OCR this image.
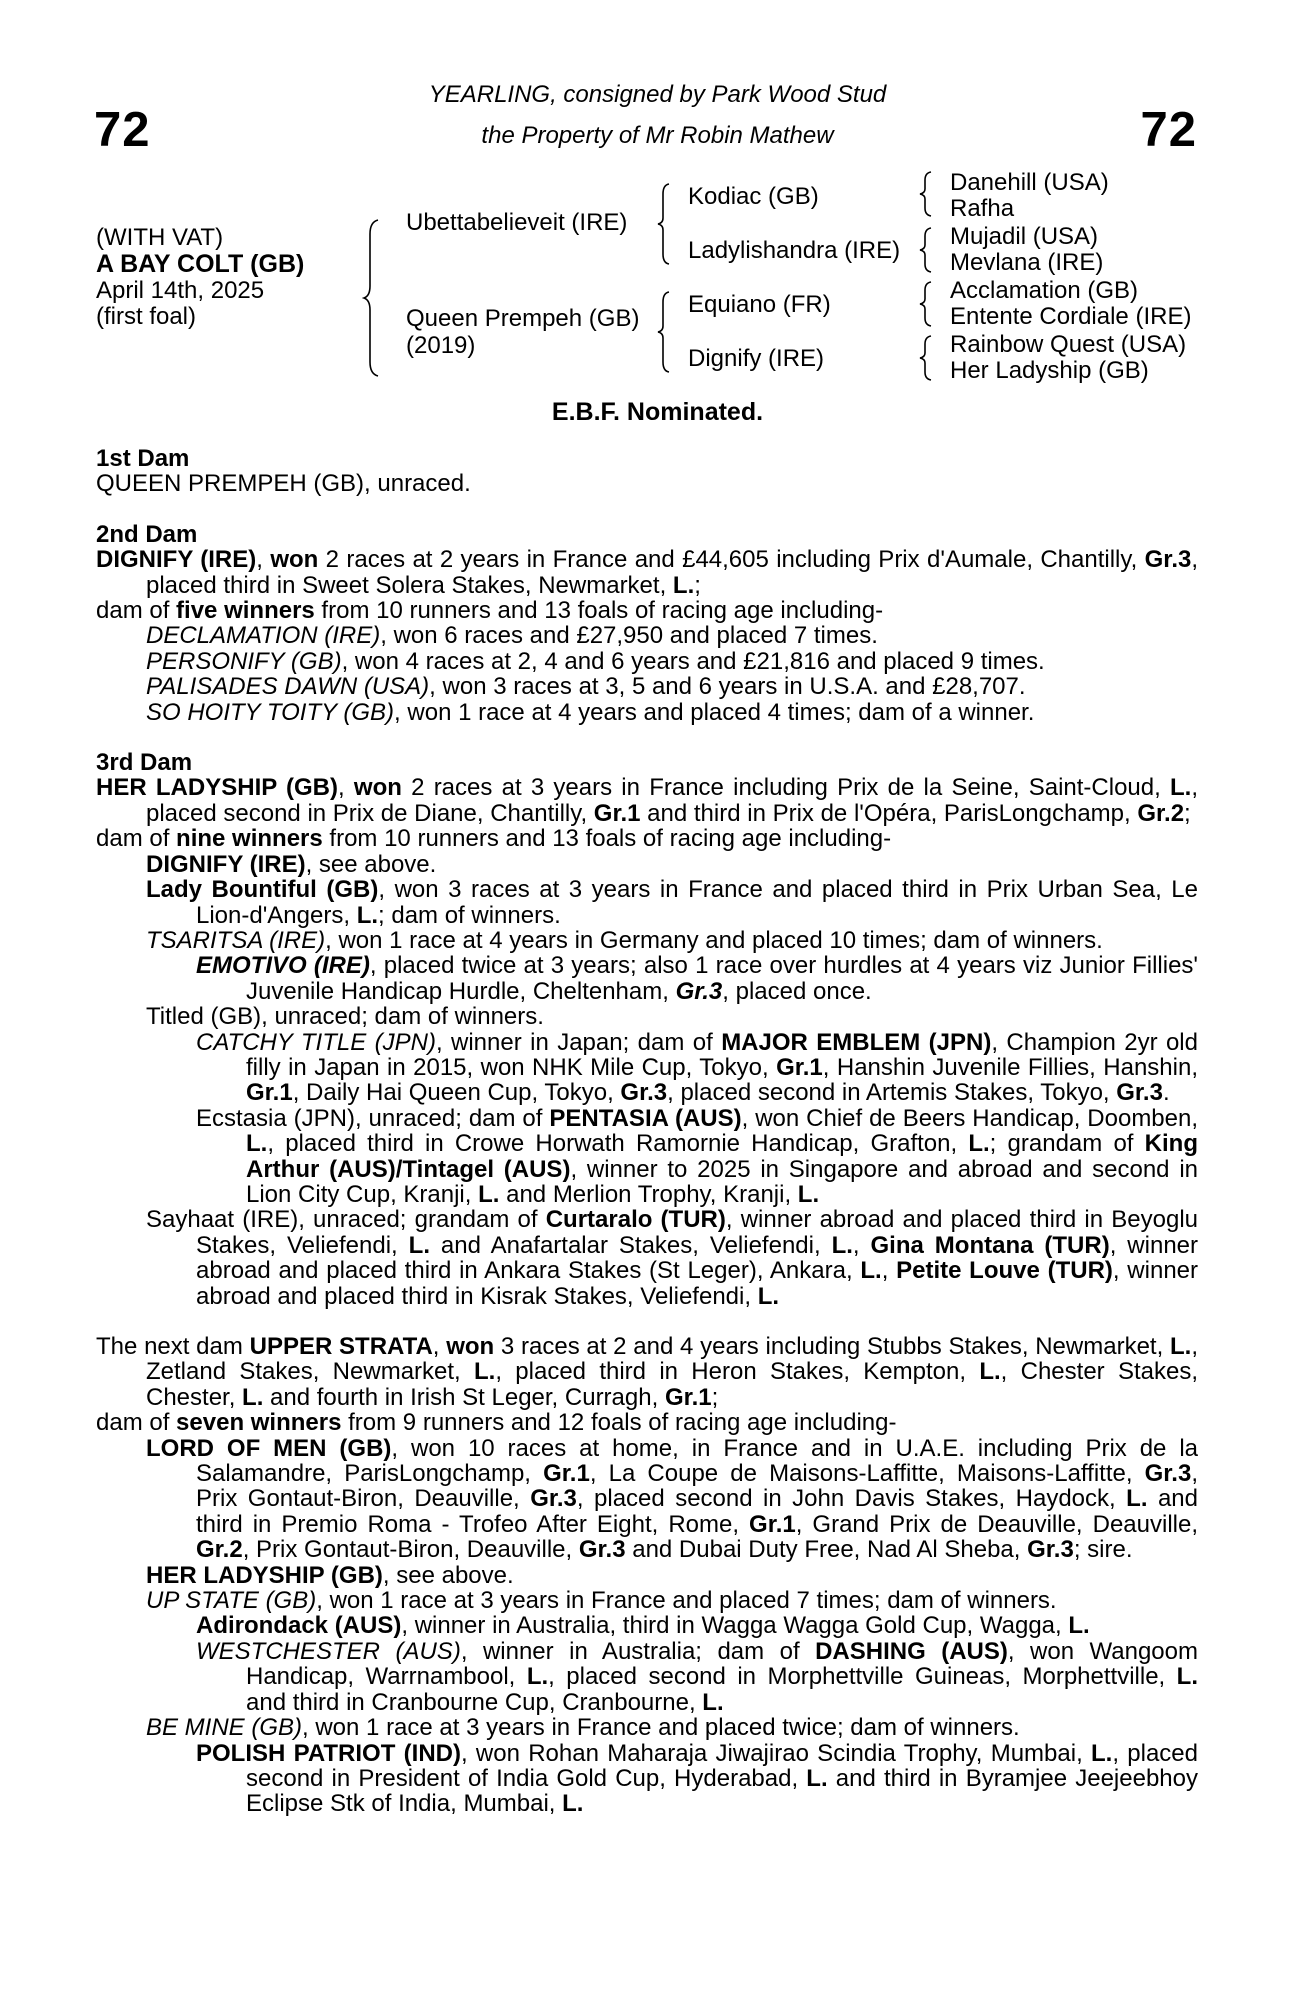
72	72
YEARLING, consigned by Park Wood Stud
the Property of Mr Robin Mathew
(WITH VAT)
A BAY COLT (GB)
April 14th, 2025
(first foal)
Ubettabelieveit (IRE)
Queen Prempeh (GB)
(2019)
Kodiac (GB)
Ladylishandra (IRE)
Equiano (FR)
Dignify (IRE)
Danehill (USA)
Rafha
Mujadil (USA)
Mevlana (IRE)
Acclamation (GB)
Entente Cordiale (IRE)
Rainbow Quest (USA)
Her Ladyship (GB)
E.B.F. Nominated.
1st Dam
QUEEN PREMPEH (GB), unraced.
2nd Dam
DIGNIFY (IRE), won 2 races at 2 years in France and £44,605 including Prix d'Aumale, Chantilly, Gr.3, placed third in Sweet Solera Stakes, Newmarket, L.;
dam of five winners from 10 runners and 13 foals of racing age including-
DECLAMATION (IRE), won 6 races and £27,950 and placed 7 times.
PERSONIFY (GB), won 4 races at 2, 4 and 6 years and £21,816 and placed 9 times.
PALISADES DAWN (USA), won 3 races at 3, 5 and 6 years in U.S.A. and £28,707.
SO HOITY TOITY (GB), won 1 race at 4 years and placed 4 times; dam of a winner.
3rd Dam
HER LADYSHIP (GB), won 2 races at 3 years in France including Prix de la Seine, Saint-Cloud, L., placed second in Prix de Diane, Chantilly, Gr.1 and third in Prix de l'Opéra, ParisLongchamp, Gr.2;
dam of nine winners from 10 runners and 13 foals of racing age including-
DIGNIFY (IRE), see above.
Lady Bountiful (GB), won 3 races at 3 years in France and placed third in Prix Urban Sea, Le Lion-d'Angers, L.; dam of winners.
TSARITSA (IRE), won 1 race at 4 years in Germany and placed 10 times; dam of winners.
EMOTIVO (IRE), placed twice at 3 years; also 1 race over hurdles at 4 years viz Junior Fillies' Juvenile Handicap Hurdle, Cheltenham, Gr.3, placed once.
Titled (GB), unraced; dam of winners.
CATCHY TITLE (JPN), winner in Japan; dam of MAJOR EMBLEM (JPN), Champion 2yr old filly in Japan in 2015, won NHK Mile Cup, Tokyo, Gr.1, Hanshin Juvenile Fillies, Hanshin, Gr.1, Daily Hai Queen Cup, Tokyo, Gr.3, placed second in Artemis Stakes, Tokyo, Gr.3.
Ecstasia (JPN), unraced; dam of PENTASIA (AUS), won Chief de Beers Handicap, Doomben, L., placed third in Crowe Horwath Ramornie Handicap, Grafton, L.; grandam of King Arthur (AUS)/Tintagel (AUS), winner to 2025 in Singapore and abroad and second in Lion City Cup, Kranji, L. and Merlion Trophy, Kranji, L.
Sayhaat (IRE), unraced; grandam of Curtaralo (TUR), winner abroad and placed third in Beyoglu Stakes, Veliefendi, L. and Anafartalar Stakes, Veliefendi, L., Gina Montana (TUR), winner abroad and placed third in Ankara Stakes (St Leger), Ankara, L., Petite Louve (TUR), winner abroad and placed third in Kisrak Stakes, Veliefendi, L.
The next dam UPPER STRATA, won 3 races at 2 and 4 years including Stubbs Stakes, Newmarket, L., Zetland Stakes, Newmarket, L., placed third in Heron Stakes, Kempton, L., Chester Stakes, Chester, L. and fourth in Irish St Leger, Curragh, Gr.1;
dam of seven winners from 9 runners and 12 foals of racing age including-
LORD OF MEN (GB), won 10 races at home, in France and in U.A.E. including Prix de la Salamandre, ParisLongchamp, Gr.1, La Coupe de Maisons-Laffitte, Maisons-Laffitte, Gr.3, Prix Gontaut-Biron, Deauville, Gr.3, placed second in John Davis Stakes, Haydock, L. and third in Premio Roma - Trofeo After Eight, Rome, Gr.1, Grand Prix de Deauville, Deauville, Gr.2, Prix Gontaut-Biron, Deauville, Gr.3 and Dubai Duty Free, Nad Al Sheba, Gr.3; sire.
HER LADYSHIP (GB), see above.
UP STATE (GB), won 1 race at 3 years in France and placed 7 times; dam of winners.
Adirondack (AUS), winner in Australia, third in Wagga Wagga Gold Cup, Wagga, L.
WESTCHESTER (AUS), winner in Australia; dam of DASHING (AUS), won Wangoom Handicap, Warrnambool, L., placed second in Morphettville Guineas, Morphettville, L. and third in Cranbourne Cup, Cranbourne, L.
BE MINE (GB), won 1 race at 3 years in France and placed twice; dam of winners.
POLISH PATRIOT (IND), won Rohan Maharaja Jiwajirao Scindia Trophy, Mumbai, L., placed second in President of India Gold Cup, Hyderabad, L. and third in Byramjee Jeejeebhoy Eclipse Stk of India, Mumbai, L.
